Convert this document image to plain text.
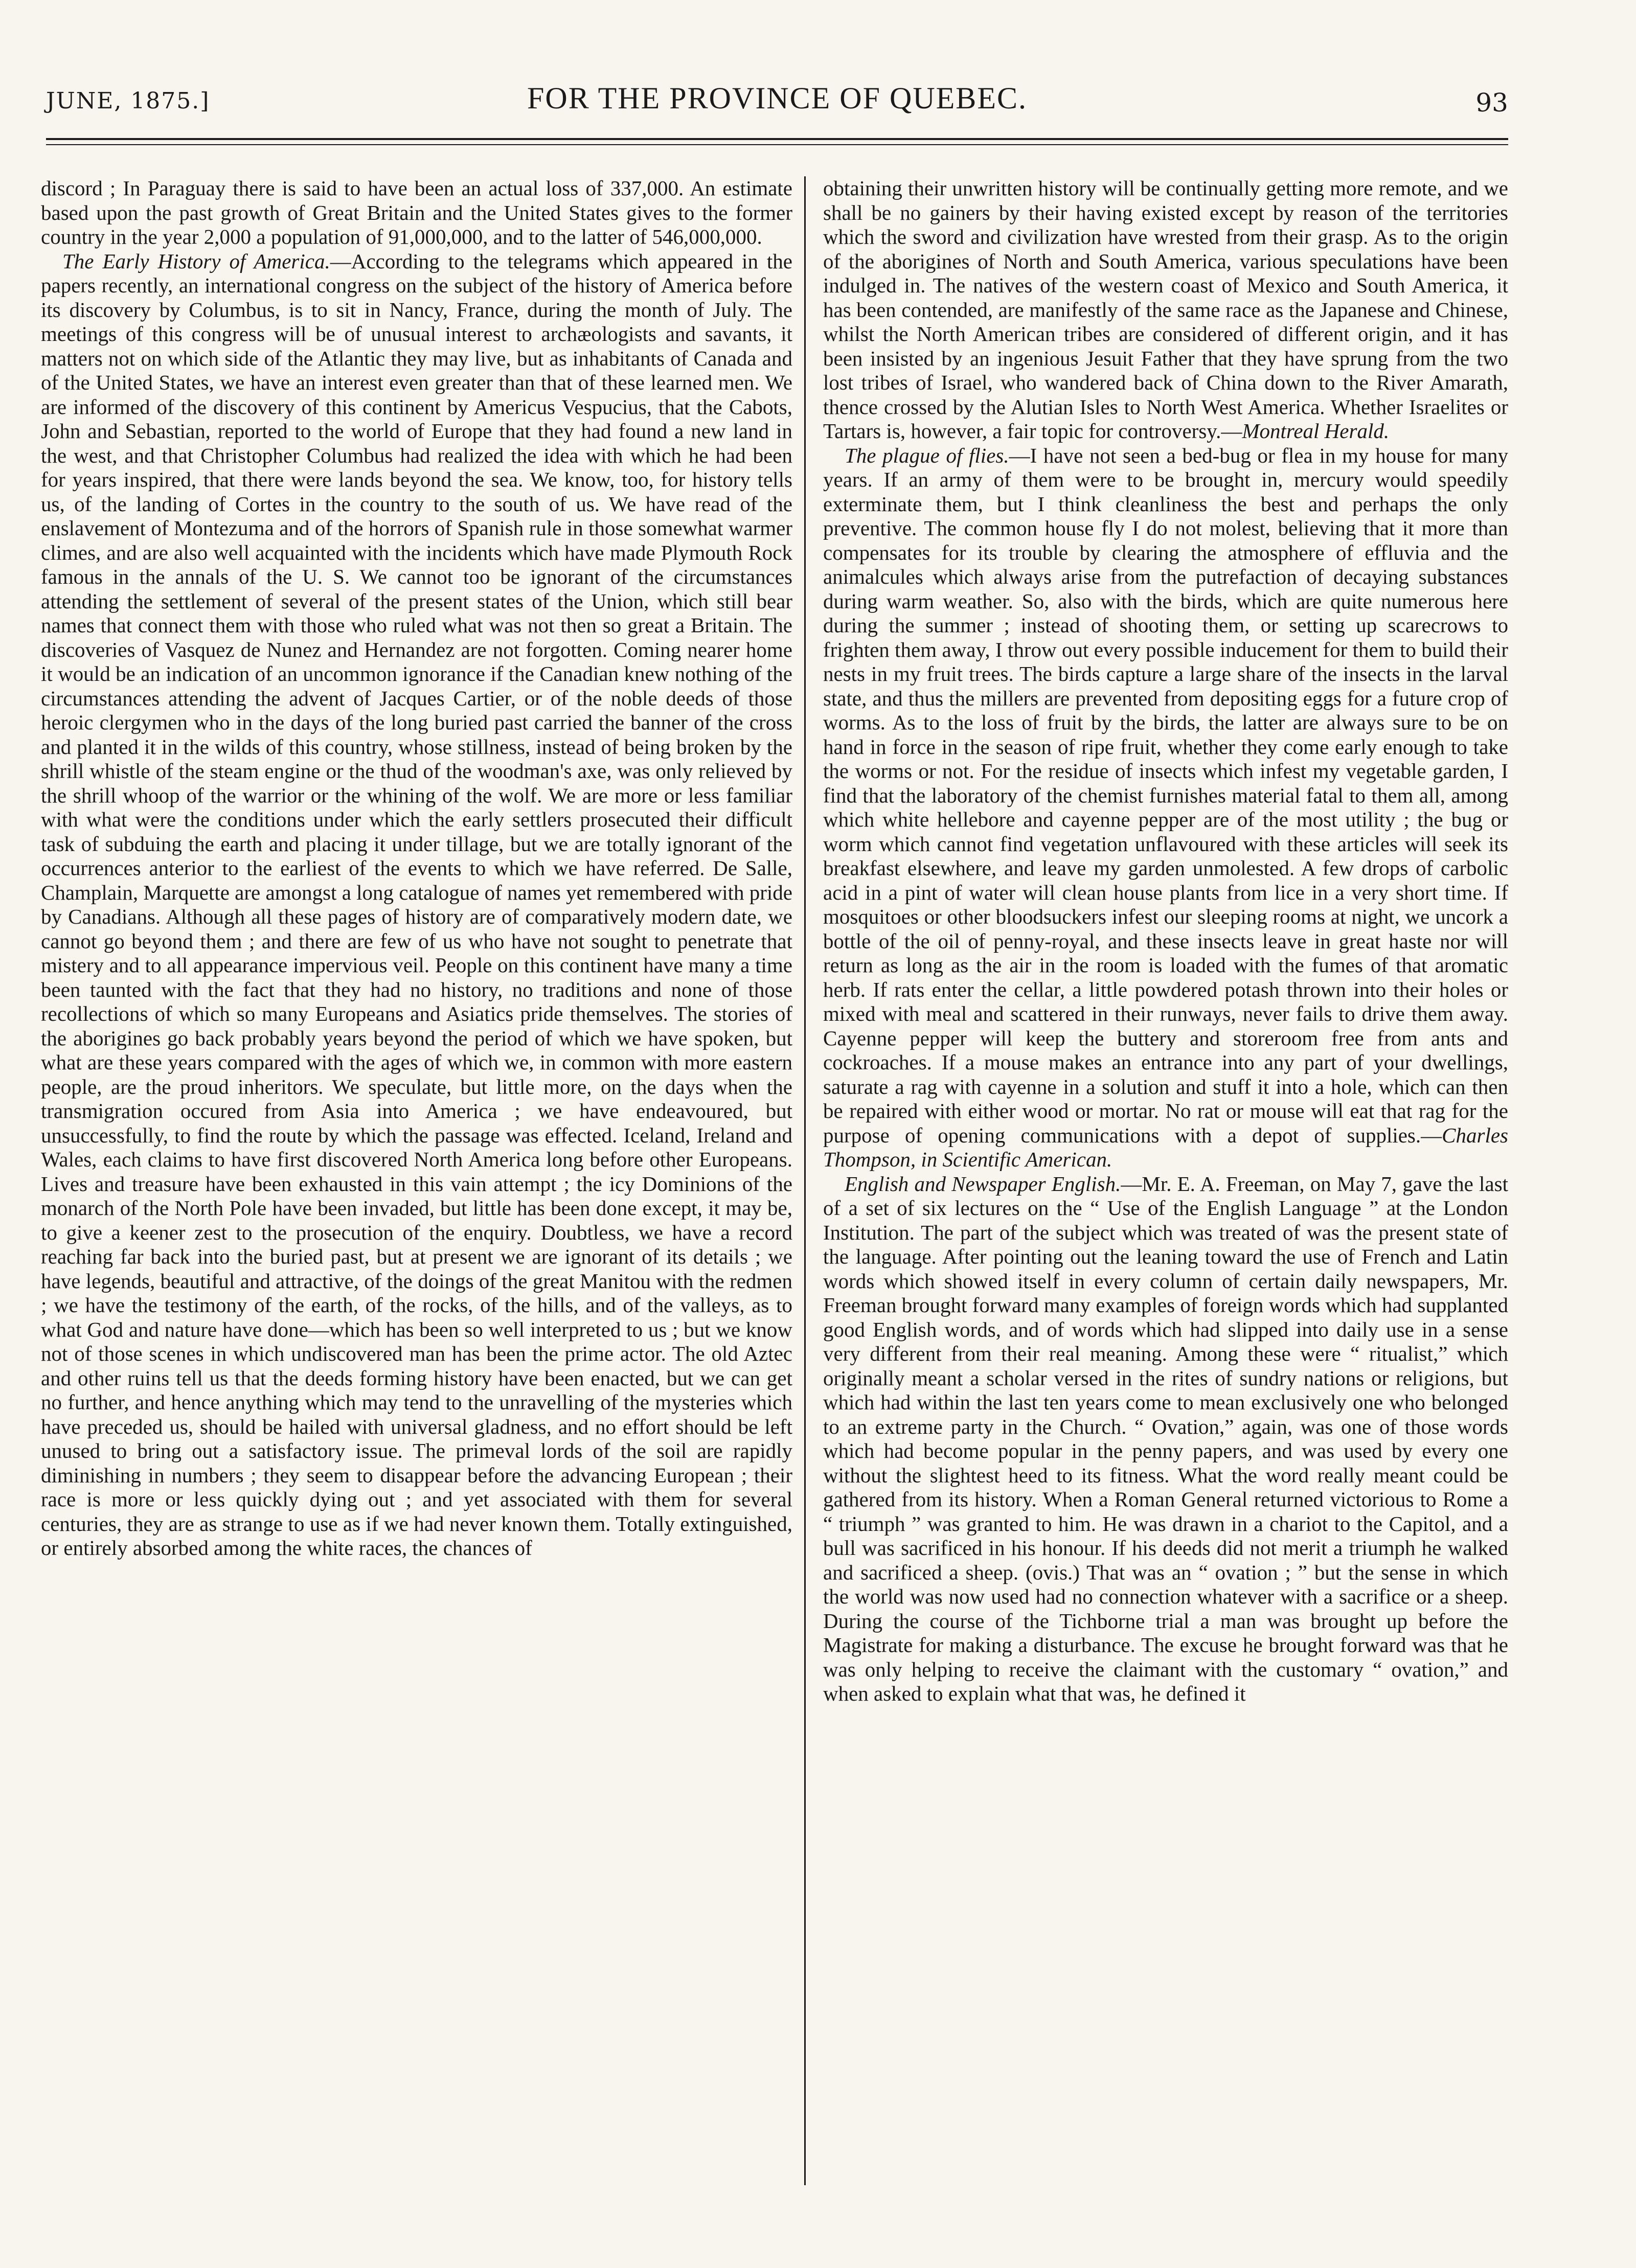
JUNE, 1875.]	FOR THE PROVINCE OF QUEBEC.	93

discord ; In Paraguay there is said to have been an actual loss of 337,000. An estimate based upon the past growth of Great Britain and the United States gives to the former country in the year 2,000 a population of 91,000,000, and to the latter of 546,000,000.

The Early History of America.—According to the telegrams which appeared in the papers recently, an international congress on the subject of the history of America before its discovery by Columbus, is to sit in Nancy, France, during the month of July. The meetings of this congress will be of unusual interest to archæologists and savants, it matters not on which side of the Atlantic they may live, but as inhabitants of Canada and of the United States, we have an interest even greater than that of these learned men. We are informed of the discovery of this continent by Americus Vespucius, that the Cabots, John and Sebastian, reported to the world of Europe that they had found a new land in the west, and that Christopher Columbus had realized the idea with which he had been for years inspired, that there were lands beyond the sea. We know, too, for history tells us, of the landing of Cortes in the country to the south of us. We have read of the enslavement of Montezuma and of the horrors of Spanish rule in those somewhat warmer climes, and are also well acquainted with the incidents which have made Plymouth Rock famous in the annals of the U. S. We cannot too be ignorant of the circumstances attending the settlement of several of the present states of the Union, which still bear names that connect them with those who ruled what was not then so great a Britain. The discoveries of Vasquez de Nunez and Hernandez are not forgotten. Coming nearer home it would be an indication of an uncommon ignorance if the Canadian knew nothing of the circumstances attending the advent of Jacques Cartier, or of the noble deeds of those heroic clergymen who in the days of the long buried past carried the banner of the cross and planted it in the wilds of this country, whose stillness, instead of being broken by the shrill whistle of the steam engine or the thud of the woodman's axe, was only relieved by the shrill whoop of the warrior or the whining of the wolf. We are more or less familiar with what were the conditions under which the early settlers prosecuted their difficult task of subduing the earth and placing it under tillage, but we are totally ignorant of the occurrences anterior to the earliest of the events to which we have referred. De Salle, Champlain, Marquette are amongst a long catalogue of names yet remembered with pride by Canadians. Although all these pages of history are of comparatively modern date, we cannot go beyond them ; and there are few of us who have not sought to penetrate that mistery and to all appearance impervious veil. People on this continent have many a time been taunted with the fact that they had no history, no traditions and none of those recollections of which so many Europeans and Asiatics pride themselves. The stories of the aborigines go back probably years beyond the period of which we have spoken, but what are these years compared with the ages of which we, in common with more eastern people, are the proud inheritors. We speculate, but little more, on the days when the transmigration occured from Asia into America ; we have endeavoured, but unsuccessfully, to find the route by which the passage was effected. Iceland, Ireland and Wales, each claims to have first discovered North America long before other Europeans. Lives and treasure have been exhausted in this vain attempt ; the icy Dominions of the monarch of the North Pole have been invaded, but little has been done except, it may be, to give a keener zest to the prosecution of the enquiry. Doubtless, we have a record reaching far back into the buried past, but at present we are ignorant of its details ; we have legends, beautiful and attractive, of the doings of the great Manitou with the redmen ; we have the testimony of the earth, of the rocks, of the hills, and of the valleys, as to what God and nature have done—which has been so well interpreted to us ; but we know not of those scenes in which undiscovered man has been the prime actor. The old Aztec and other ruins tell us that the deeds forming history have been enacted, but we can get no further, and hence anything which may tend to the unravelling of the mysteries which have preceded us, should be hailed with universal gladness, and no effort should be left unused to bring out a satisfactory issue. The primeval lords of the soil are rapidly diminishing in numbers ; they seem to disappear before the advancing European ; their race is more or less quickly dying out ; and yet associated with them for several centuries, they are as strange to use as if we had never known them. Totally extinguished, or entirely absorbed among the white races, the chances of

obtaining their unwritten history will be continually getting more remote, and we shall be no gainers by their having existed except by reason of the territories which the sword and civilization have wrested from their grasp. As to the origin of the aborigines of North and South America, various speculations have been indulged in. The natives of the western coast of Mexico and South America, it has been contended, are manifestly of the same race as the Japanese and Chinese, whilst the North American tribes are considered of different origin, and it has been insisted by an ingenious Jesuit Father that they have sprung from the two lost tribes of Israel, who wandered back of China down to the River Amarath, thence crossed by the Alutian Isles to North West America. Whether Israelites or Tartars is, however, a fair topic for controversy.—Montreal Herald.

The plague of flies.—I have not seen a bed-bug or flea in my house for many years. If an army of them were to be brought in, mercury would speedily exterminate them, but I think cleanliness the best and perhaps the only preventive. The common house fly I do not molest, believing that it more than compensates for its trouble by clearing the atmosphere of effluvia and the animalcules which always arise from the putrefaction of decaying substances during warm weather. So, also with the birds, which are quite numerous here during the summer ; instead of shooting them, or setting up scarecrows to frighten them away, I throw out every possible inducement for them to build their nests in my fruit trees. The birds capture a large share of the insects in the larval state, and thus the millers are prevented from depositing eggs for a future crop of worms. As to the loss of fruit by the birds, the latter are always sure to be on hand in force in the season of ripe fruit, whether they come early enough to take the worms or not. For the residue of insects which infest my vegetable garden, I find that the laboratory of the chemist furnishes material fatal to them all, among which white hellebore and cayenne pepper are of the most utility ; the bug or worm which cannot find vegetation unflavoured with these articles will seek its breakfast elsewhere, and leave my garden unmolested. A few drops of carbolic acid in a pint of water will clean house plants from lice in a very short time. If mosquitoes or other bloodsuckers infest our sleeping rooms at night, we uncork a bottle of the oil of penny-royal, and these insects leave in great haste nor will return as long as the air in the room is loaded with the fumes of that aromatic herb. If rats enter the cellar, a little powdered potash thrown into their holes or mixed with meal and scattered in their runways, never fails to drive them away. Cayenne pepper will keep the buttery and storeroom free from ants and cockroaches. If a mouse makes an entrance into any part of your dwellings, saturate a rag with cayenne in a solution and stuff it into a hole, which can then be repaired with either wood or mortar. No rat or mouse will eat that rag for the purpose of opening communications with a depot of supplies.—Charles Thompson, in Scientific American.

English and Newspaper English.—Mr. E. A. Freeman, on May 7, gave the last of a set of six lectures on the “ Use of the English Language ” at the London Institution. The part of the subject which was treated of was the present state of the language. After pointing out the leaning toward the use of French and Latin words which showed itself in every column of certain daily newspapers, Mr. Freeman brought forward many examples of foreign words which had supplanted good English words, and of words which had slipped into daily use in a sense very different from their real meaning. Among these were “ ritualist,” which originally meant a scholar versed in the rites of sundry nations or religions, but which had within the last ten years come to mean exclusively one who belonged to an extreme party in the Church. “ Ovation,” again, was one of those words which had become popular in the penny papers, and was used by every one without the slightest heed to its fitness. What the word really meant could be gathered from its history. When a Roman General returned victorious to Rome a “ triumph ” was granted to him. He was drawn in a chariot to the Capitol, and a bull was sacrificed in his honour. If his deeds did not merit a triumph he walked and sacrificed a sheep. (ovis.) That was an “ ovation ; ” but the sense in which the world was now used had no connection whatever with a sacrifice or a sheep. During the course of the Tichborne trial a man was brought up before the Magistrate for making a disturbance. The excuse he brought forward was that he was only helping to receive the claimant with the customary “ ovation,” and when asked to explain what that was, he defined it
